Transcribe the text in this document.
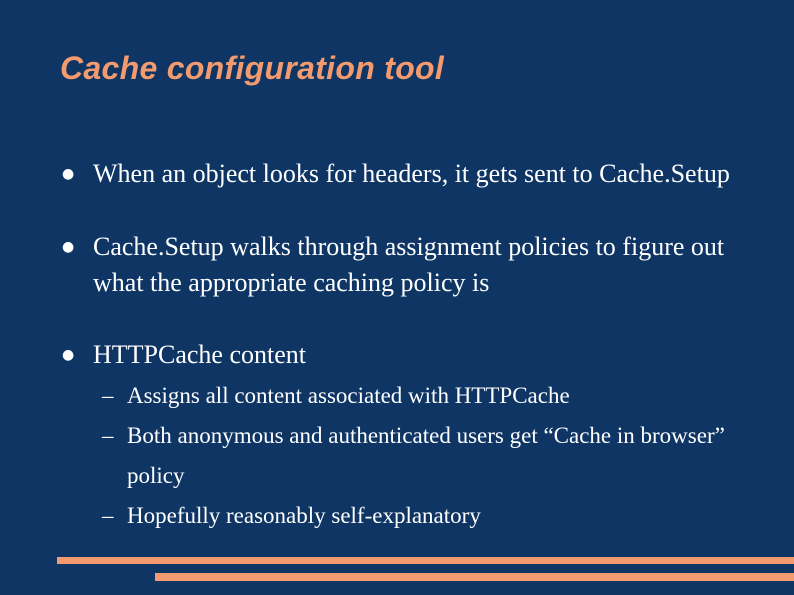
Cache configuration tool
● When an object looks for headers, it gets sent to Cache.Setup
● Cache.Setup walks through assignment policies to figure out what the appropriate caching policy is
● HTTPCache content
– Assigns all content associated with HTTPCache
– Both anonymous and authenticated users get “Cache in browser” policy
– Hopefully reasonably self-explanatory
